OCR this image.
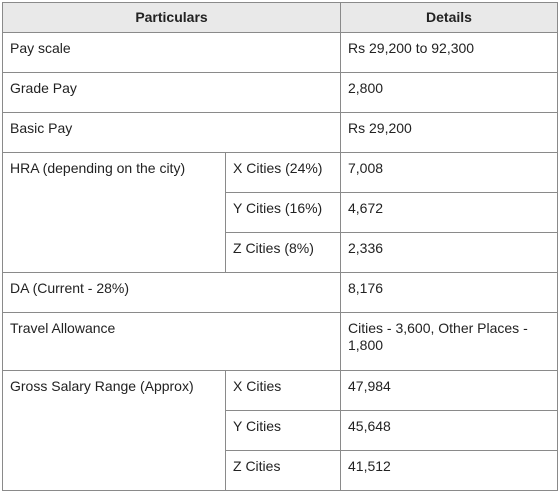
Particulars		Details
Pay scale		Rs 29,200 to 92,300
Grade Pay		2,800
Basic Pay		Rs 29,200
HRA (depending on the city)	X Cities (24%)	7,008
	Y Cities (16%)	4,672
	Z Cities (8%)	2,336
DA (Current - 28%)		8,176
Travel Allowance		Cities - 3,600, Other Places - 1,800
Gross Salary Range (Approx)	X Cities	47,984
	Y Cities	45,648
	Z Cities	41,512
